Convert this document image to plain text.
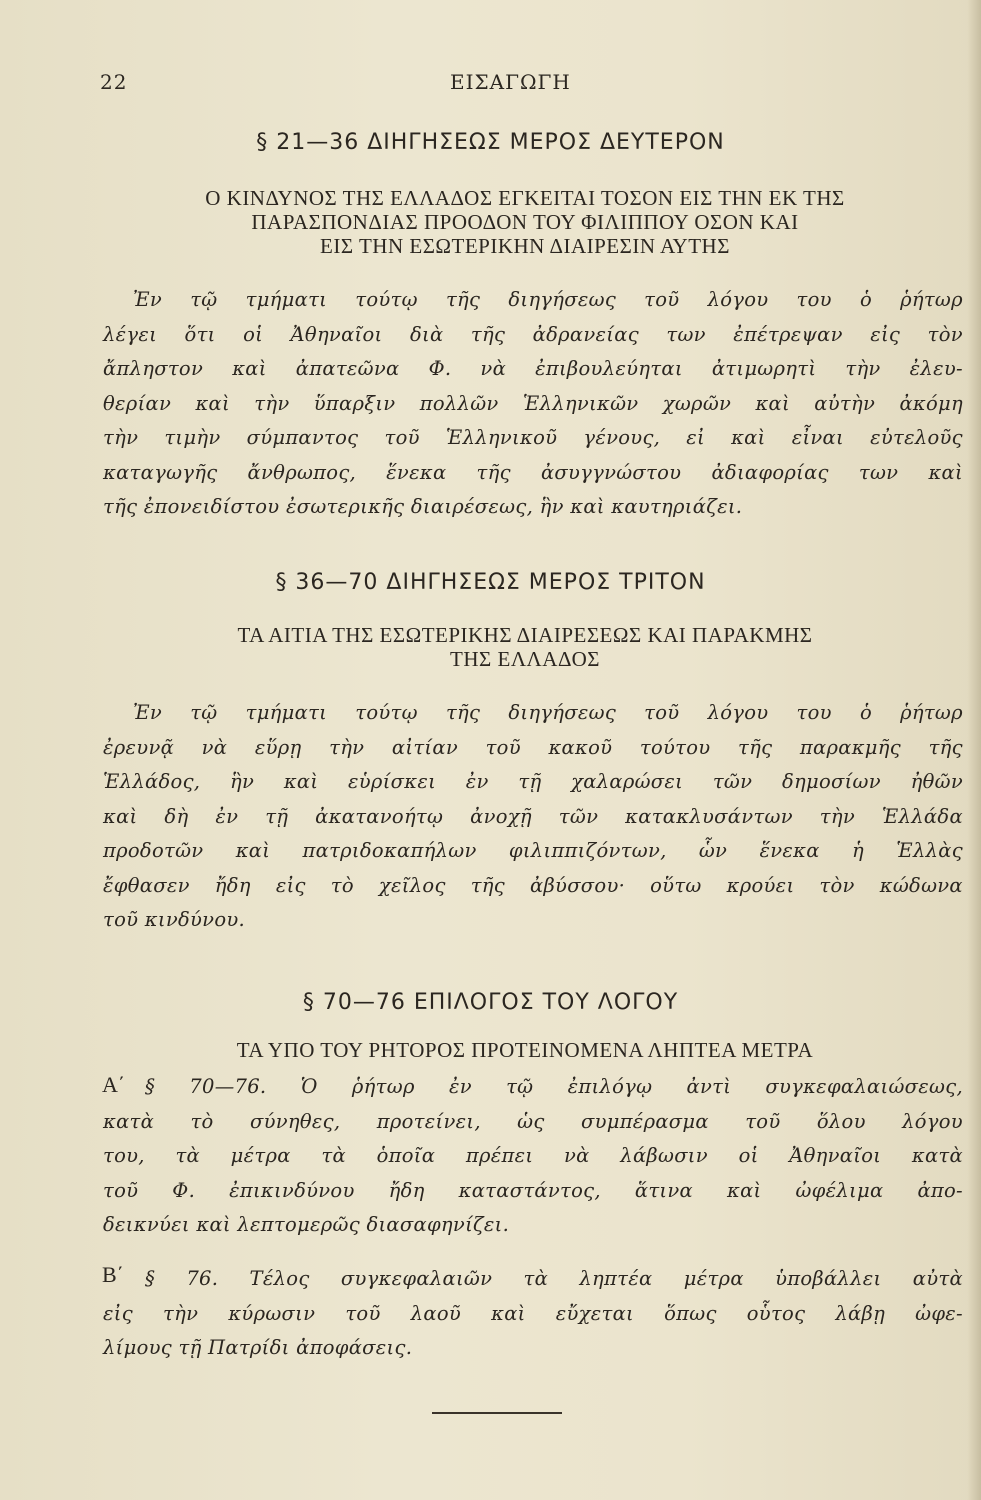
22	ΕΙΣΑΓΩΓΗ
§ 21—36 ΔΙΗΓΗΣΕΩΣ ΜΕΡΟΣ ΔΕΥΤΕΡΟΝ
Ο ΚΙΝΔΥΝΟΣ ΤΗΣ ΕΛΛΑΔΟΣ ΕΓΚΕΙΤΑΙ ΤΟΣΟΝ ΕΙΣ ΤΗΝ ΕΚ ΤΗΣ
ΠΑΡΑΣΠΟΝΔΙΑΣ ΠΡΟΟΔΟΝ ΤΟΥ ΦΙΛΙΠΠΟΥ ΟΣΟΝ ΚΑΙ
ΕΙΣ ΤΗΝ ΕΣΩΤΕΡΙΚΗΝ ΔΙΑΙΡΕΣΙΝ ΑΥΤΗΣ
Ἐν τῷ τμήματι τούτῳ τῆς διηγήσεως τοῦ λόγου του ὁ ῥήτωρ
λέγει ὅτι οἱ Ἀθηναῖοι διὰ τῆς ἀδρανείας των ἐπέτρεψαν εἰς τὸν
ἄπληστον καὶ ἀπατεῶνα Φ. νὰ ἐπιβουλεύηται ἀτιμωρητὶ τὴν ἐλευ-
θερίαν καὶ τὴν ὕπαρξιν πολλῶν Ἑλληνικῶν χωρῶν καὶ αὐτὴν ἀκόμη
τὴν τιμὴν σύμπαντος τοῦ Ἑλληνικοῦ γένους, εἰ καὶ εἶναι εὐτελοῦς
καταγωγῆς ἄνθρωπος, ἕνεκα τῆς ἀσυγγνώστου ἀδιαφορίας των καὶ
τῆς ἐπονειδίστου ἐσωτερικῆς διαιρέσεως, ἣν καὶ καυτηριάζει.
§ 36—70 ΔΙΗΓΗΣΕΩΣ ΜΕΡΟΣ ΤΡΙΤΟΝ
ΤΑ ΑΙΤΙΑ ΤΗΣ ΕΣΩΤΕΡΙΚΗΣ ΔΙΑΙΡΕΣΕΩΣ ΚΑΙ ΠΑΡΑΚΜΗΣ
ΤΗΣ ΕΛΛΑΔΟΣ
Ἐν τῷ τμήματι τούτῳ τῆς διηγήσεως τοῦ λόγου του ὁ ῥήτωρ
ἐρευνᾷ νὰ εὕρῃ τὴν αἰτίαν τοῦ κακοῦ τούτου τῆς παρακμῆς τῆς
Ἑλλάδος, ἣν καὶ εὑρίσκει ἐν τῇ χαλαρώσει τῶν δημοσίων ἠθῶν
καὶ δὴ ἐν τῇ ἀκατανοήτῳ ἀνοχῇ τῶν κατακλυσάντων τὴν Ἑλλάδα
προδοτῶν καὶ πατριδοκαπήλων φιλιππιζόντων, ὧν ἕνεκα ἡ Ἑλλὰς
ἔφθασεν ἤδη εἰς τὸ χεῖλος τῆς ἀβύσσου· οὕτω κρούει τὸν κώδωνα
τοῦ κινδύνου.
§ 70—76 ΕΠΙΛΟΓΟΣ ΤΟΥ ΛΟΓΟΥ
ΤΑ ΥΠΟ ΤΟΥ ΡΗΤΟΡΟΣ ΠΡΟΤΕΙΝΟΜΕΝΑ ΛΗΠΤΕΑ ΜΕΤΡΑ
Α΄ § 70—76. Ὁ ῥήτωρ ἐν τῷ ἐπιλόγῳ ἀντὶ συγκεφαλαιώσεως,
κατὰ τὸ σύνηθες, προτείνει, ὡς συμπέρασμα τοῦ ὅλου λόγου
του, τὰ μέτρα τὰ ὁποῖα πρέπει νὰ λάβωσιν οἱ Ἀθηναῖοι κατὰ
τοῦ Φ. ἐπικινδύνου ἤδη καταστάντος, ἅτινα καὶ ὠφέλιμα ἀπο-
δεικνύει καὶ λεπτομερῶς διασαφηνίζει.
Β΄ § 76. Τέλος συγκεφαλαιῶν τὰ ληπτέα μέτρα ὑποβάλλει αὐτὰ
εἰς τὴν κύρωσιν τοῦ λαοῦ καὶ εὔχεται ὅπως οὗτος λάβῃ ὠφε-
λίμους τῇ Πατρίδι ἀποφάσεις.
